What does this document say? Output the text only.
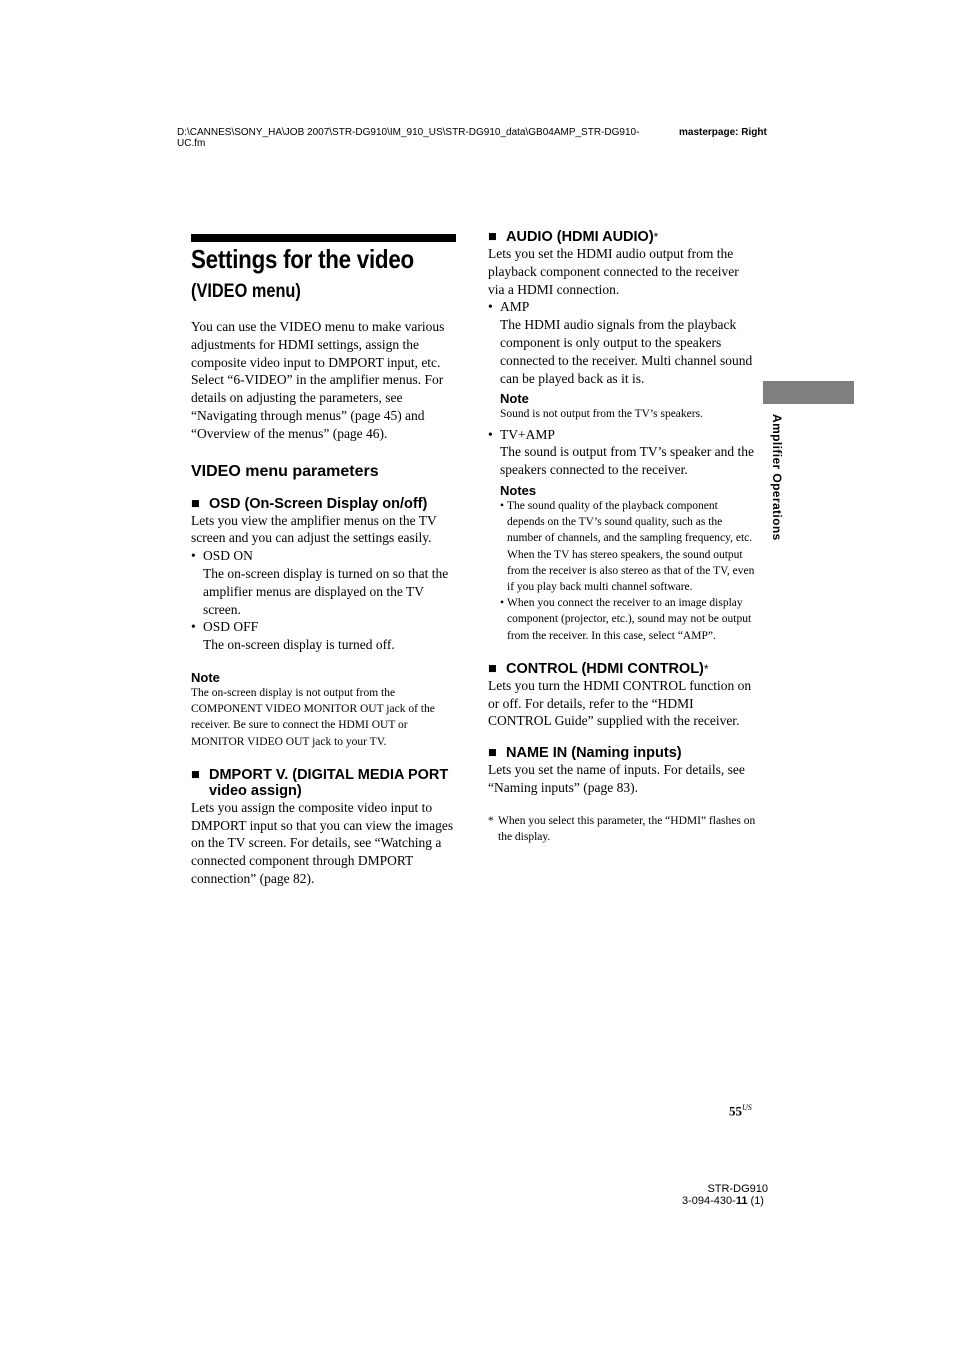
D:\CANNES\SONY_HA\JOB 2007\STR-DG910\IM_910_US\STR-DG910_data\GB04AMP_STR-DG910-UC.fm
masterpage: Right
Settings for the video
(VIDEO menu)

You can use the VIDEO menu to make various adjustments for HDMI settings, assign the composite video input to DMPORT input, etc. Select “6-VIDEO” in the amplifier menus. For details on adjusting the parameters, see “Navigating through menus” (page 45) and “Overview of the menus” (page 46).

VIDEO menu parameters

■ OSD (On-Screen Display on/off)

Lets you view the amplifier menus on the TV screen and you can adjust the settings easily.

• OSD ON

The on-screen display is turned on so that the amplifier menus are displayed on the TV screen.

• OSD OFF

The on-screen display is turned off.

Note

The on-screen display is not output from the COMPONENT VIDEO MONITOR OUT jack of the receiver. Be sure to connect the HDMI OUT or MONITOR VIDEO OUT jack to your TV.

■ DMPORT V. (DIGITAL MEDIA PORT video assign)

Lets you assign the composite video input to DMPORT input so that you can view the images on the TV screen. For details, see “Watching a connected component through DMPORT connection” (page 82).

■ AUDIO (HDMI AUDIO)*

Lets you set the HDMI audio output from the playback component connected to the receiver via a HDMI connection.

• AMP

The HDMI audio signals from the playback component is only output to the speakers connected to the receiver. Multi channel sound can be played back as it is.

Note

Sound is not output from the TV’s speakers.

• TV+AMP

The sound is output from TV’s speaker and the speakers connected to the receiver.

Notes

• The sound quality of the playback component depends on the TV’s sound quality, such as the number of channels, and the sampling frequency, etc. When the TV has stereo speakers, the sound output from the receiver is also stereo as that of the TV, even if you play back multi channel software.
• When you connect the receiver to an image display component (projector, etc.), sound may not be output from the receiver. In this case, select “AMP”.
■ CONTROL (HDMI CONTROL)*

Lets you turn the HDMI CONTROL function on or off. For details, refer to the “HDMI CONTROL Guide” supplied with the receiver.

■ NAME IN (Naming inputs)

Lets you set the name of inputs. For details, see “Naming inputs” (page 83).

* When you select this parameter, the “HDMI” flashes on the display.
Amplifier Operations
$55^{US}$
STR-DG910
3-094-430-11 (1)
